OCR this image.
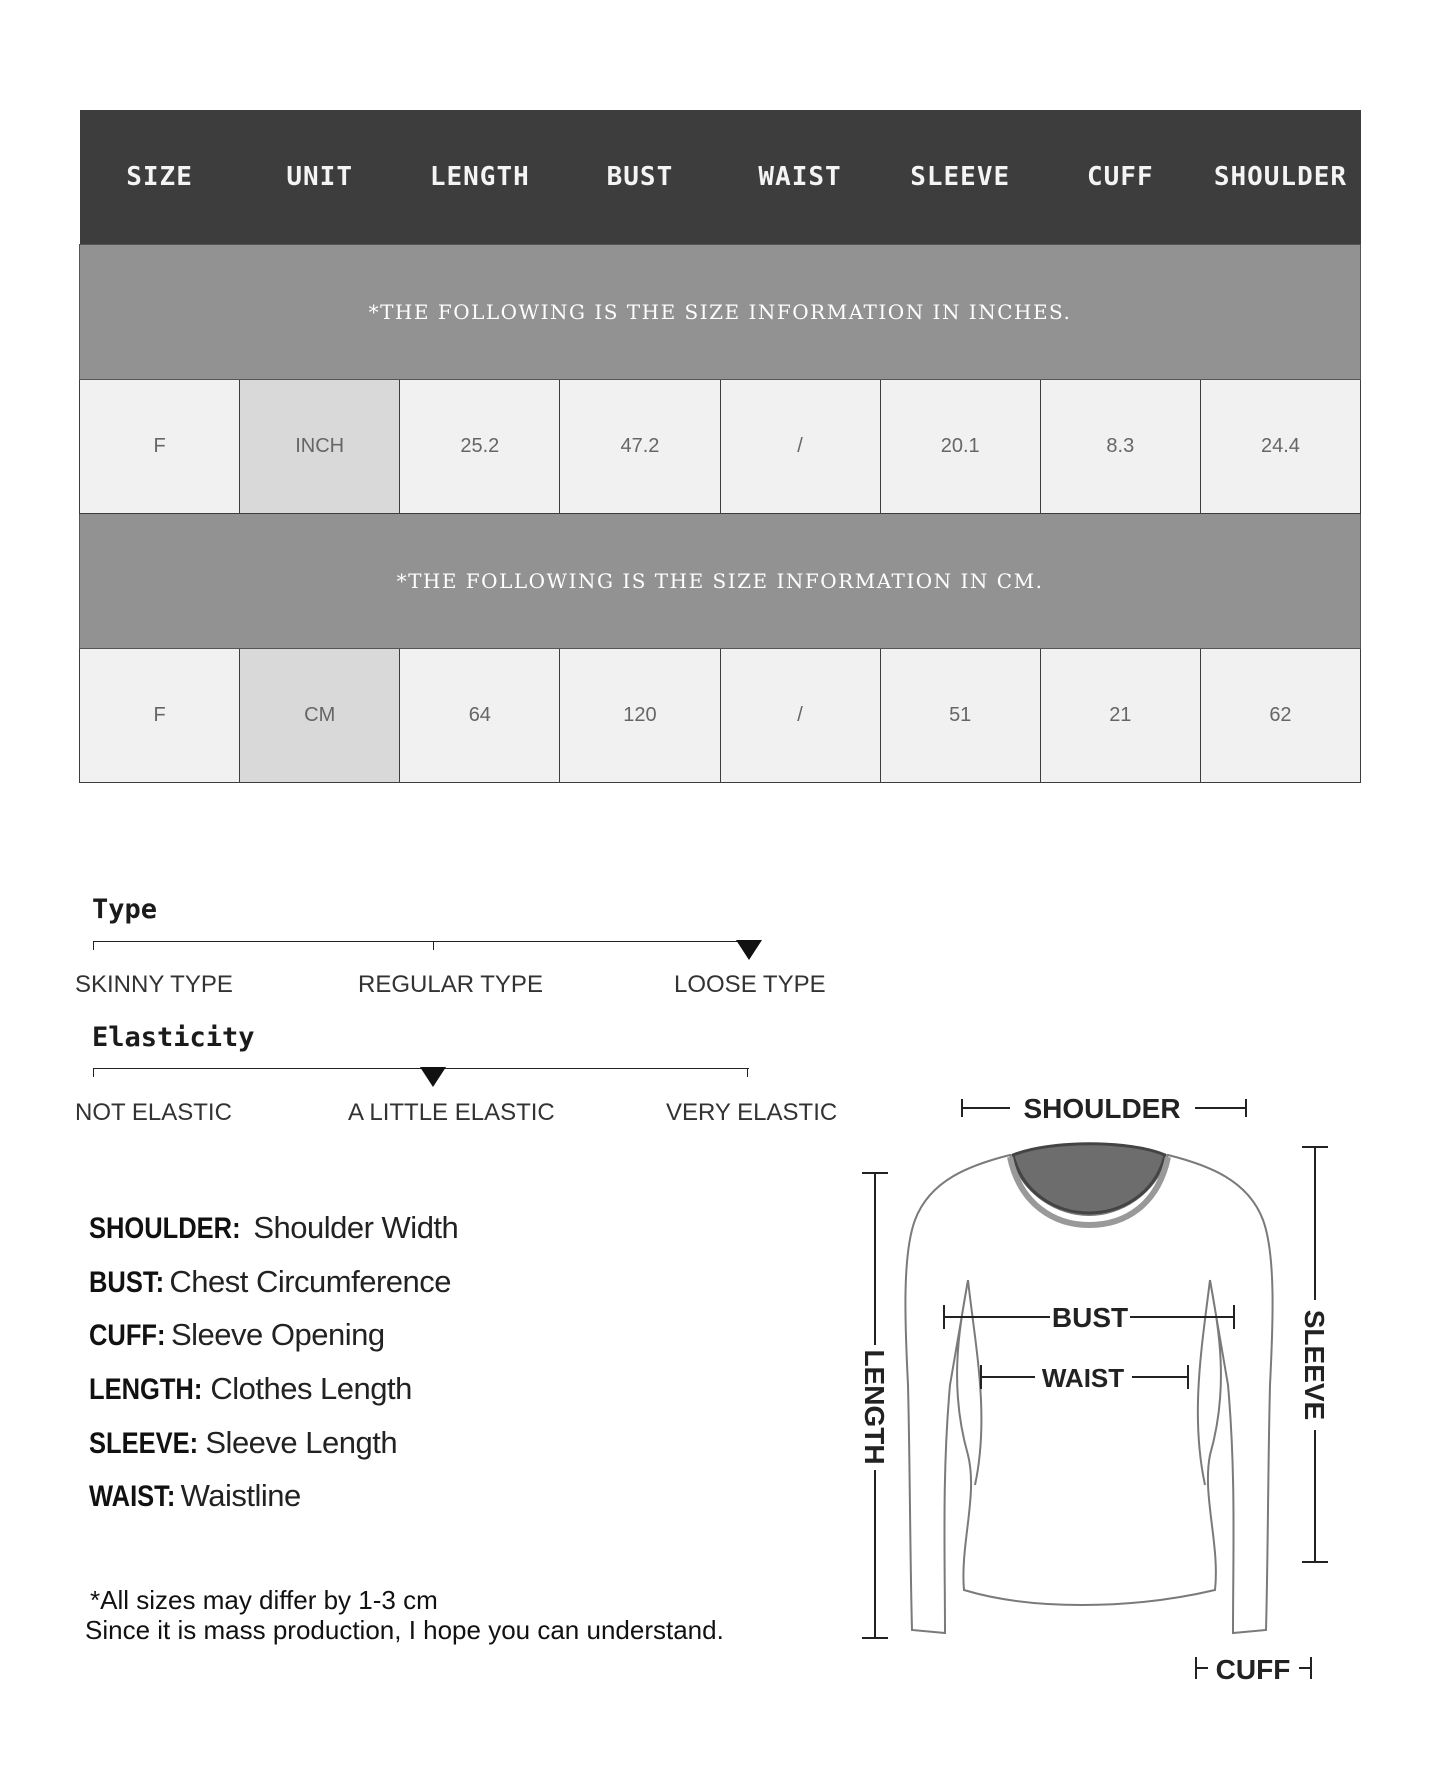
SIZE	UNIT	LENGTH	BUST	WAIST	SLEEVE	CUFF	SHOULDER
*THE FOLLOWING IS THE SIZE INFORMATION IN INCHES.							
F	INCH	25.2	47.2	/	20.1	8.3	24.4
*THE FOLLOWING IS THE SIZE INFORMATION IN CM.							
F	CM	64	120	/	51	21	62
Type
SKINNY TYPE	REGULAR TYPE	LOOSE TYPE
Elasticity
NOT ELASTIC	A LITTLE ELASTIC	VERY ELASTIC
SHOULDER: Shoulder Width
BUST: Chest Circumference
CUFF: Sleeve Opening
LENGTH: Clothes Length
SLEEVE: Sleeve Length
WAIST: Waistline
*All sizes may differ by 1-3 cm
Since it is mass production, I hope you can understand.
SHOULDER
BUST
WAIST
LENGTH	SLEEVE
CUFF
